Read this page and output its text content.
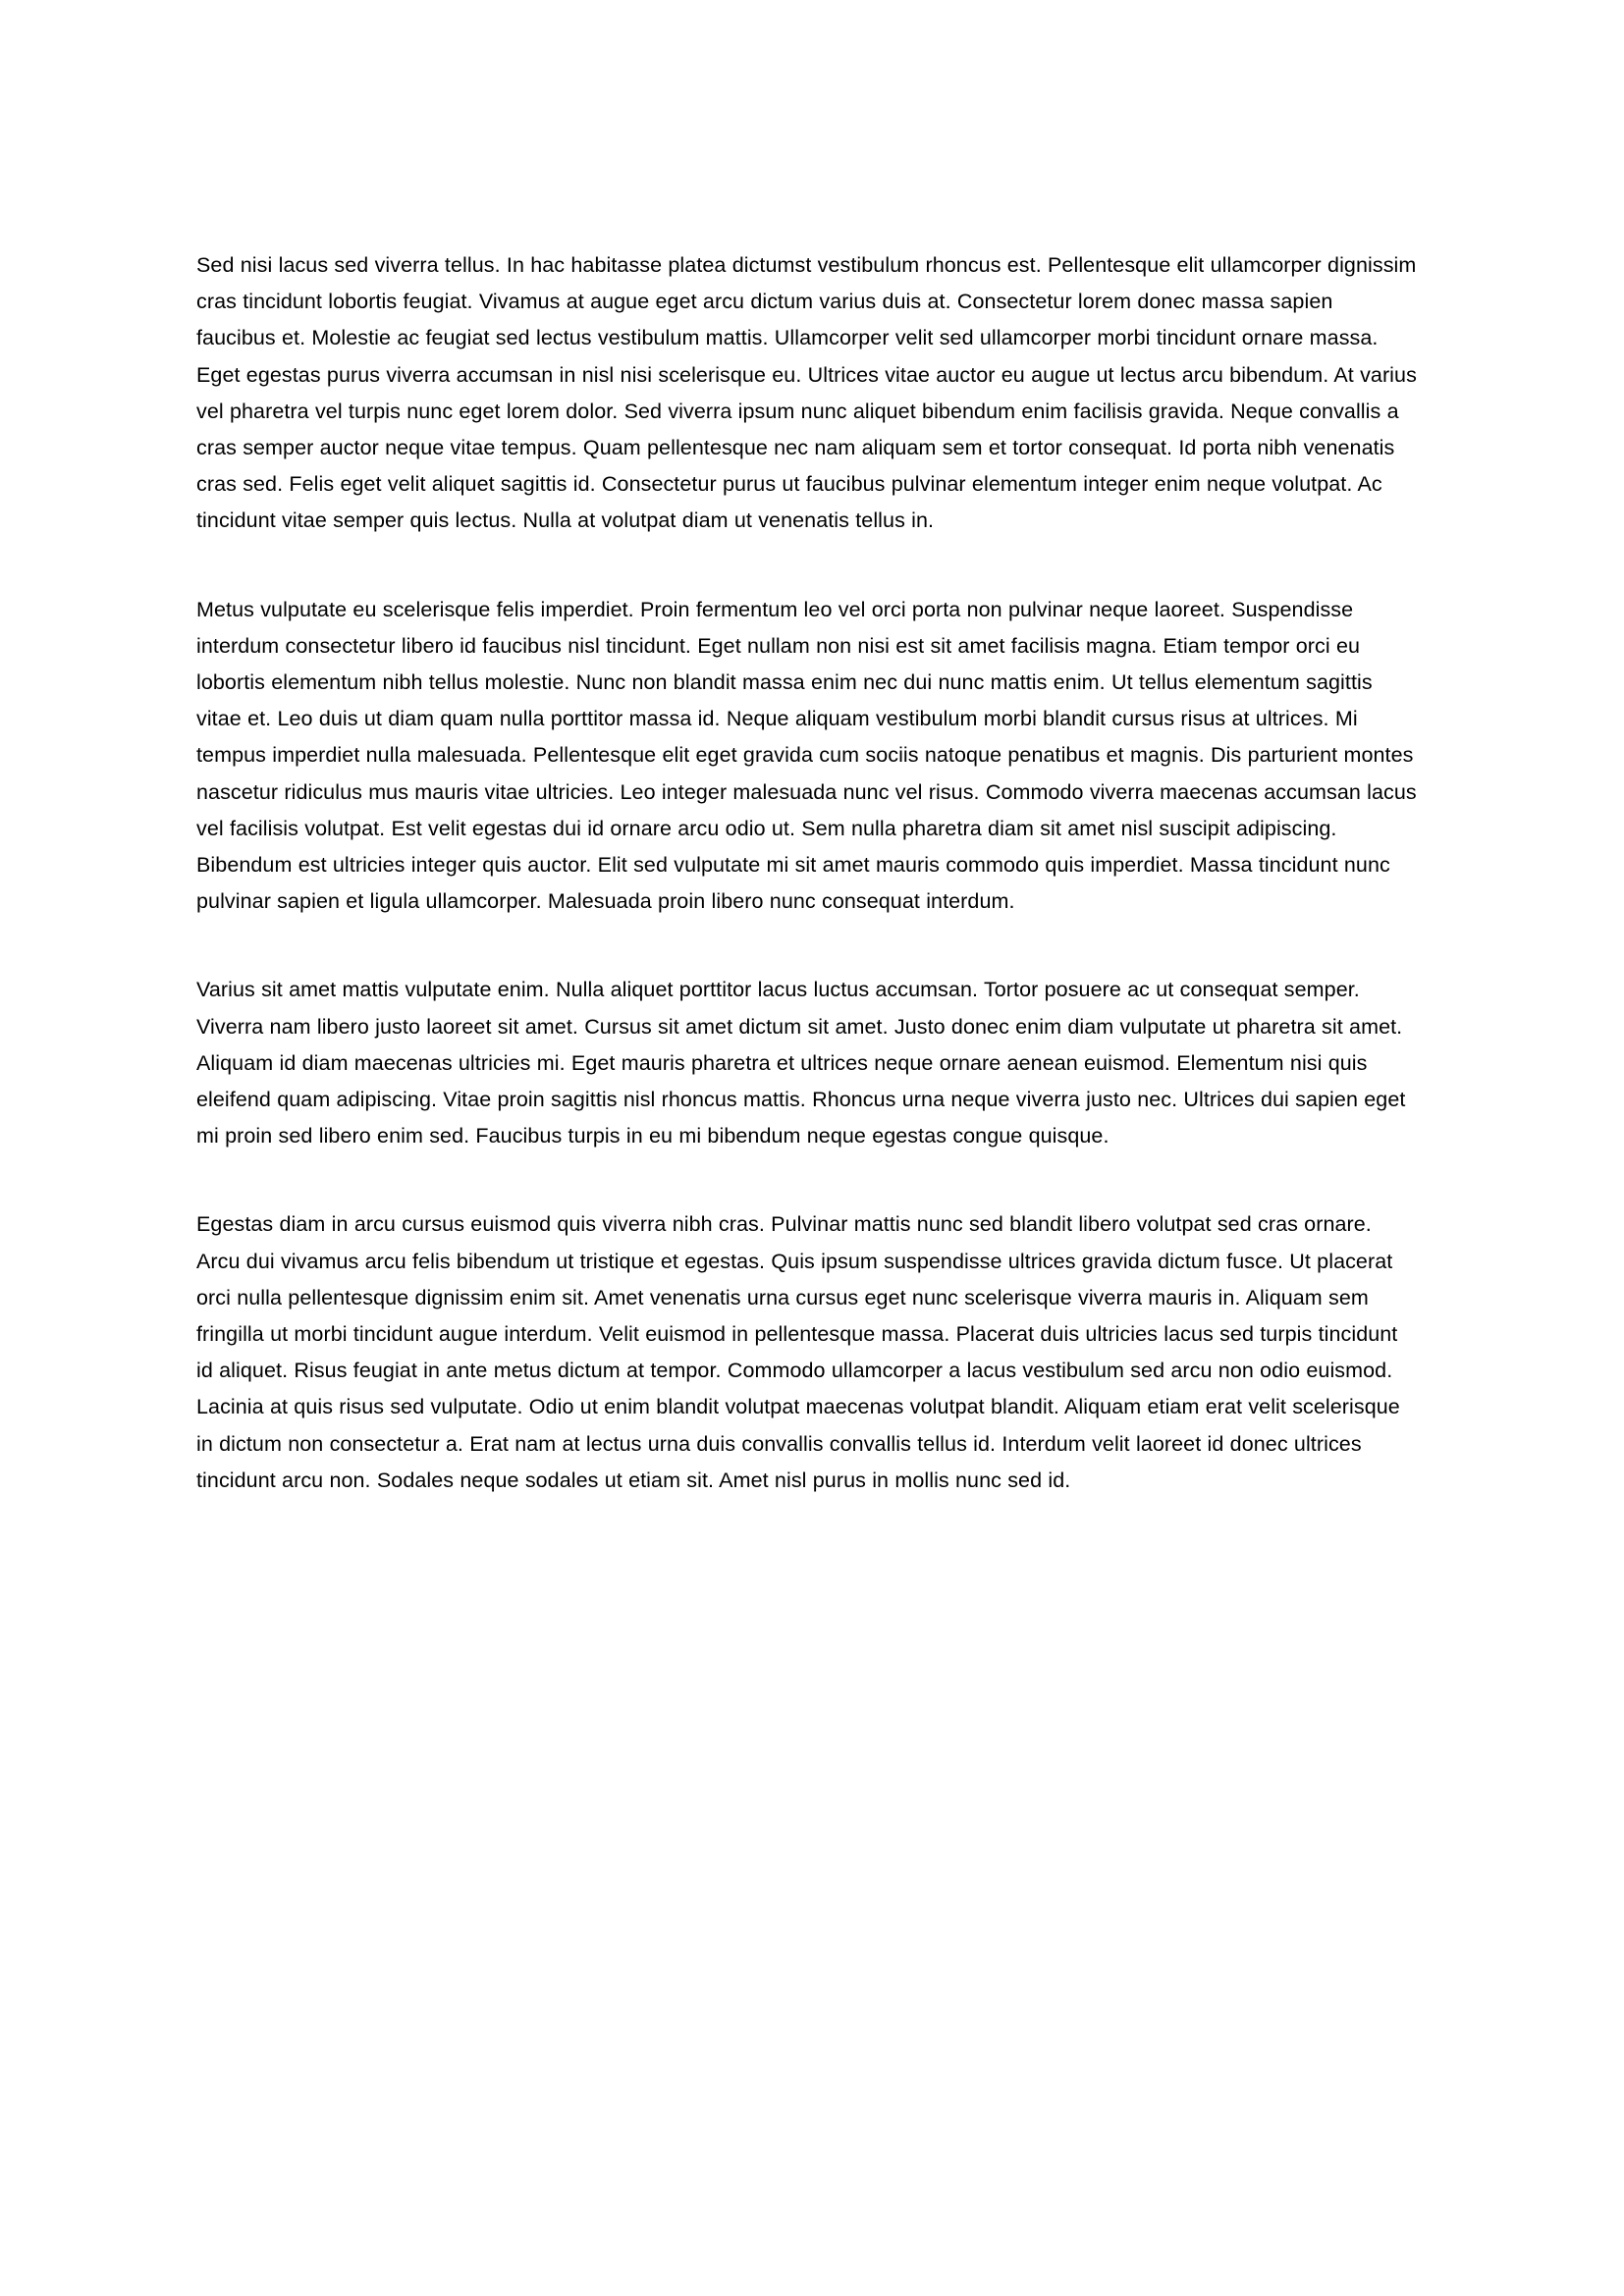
Sed nisi lacus sed viverra tellus. In hac habitasse platea dictumst vestibulum rhoncus est. Pellentesque elit ullamcorper dignissim cras tincidunt lobortis feugiat. Vivamus at augue eget arcu dictum varius duis at. Consectetur lorem donec massa sapien faucibus et. Molestie ac feugiat sed lectus vestibulum mattis. Ullamcorper velit sed ullamcorper morbi tincidunt ornare massa. Eget egestas purus viverra accumsan in nisl nisi scelerisque eu. Ultrices vitae auctor eu augue ut lectus arcu bibendum. At varius vel pharetra vel turpis nunc eget lorem dolor. Sed viverra ipsum nunc aliquet bibendum enim facilisis gravida. Neque convallis a cras semper auctor neque vitae tempus. Quam pellentesque nec nam aliquam sem et tortor consequat. Id porta nibh venenatis cras sed. Felis eget velit aliquet sagittis id. Consectetur purus ut faucibus pulvinar elementum integer enim neque volutpat. Ac tincidunt vitae semper quis lectus. Nulla at volutpat diam ut venenatis tellus in.

Metus vulputate eu scelerisque felis imperdiet. Proin fermentum leo vel orci porta non pulvinar neque laoreet. Suspendisse interdum consectetur libero id faucibus nisl tincidunt. Eget nullam non nisi est sit amet facilisis magna. Etiam tempor orci eu lobortis elementum nibh tellus molestie. Nunc non blandit massa enim nec dui nunc mattis enim. Ut tellus elementum sagittis vitae et. Leo duis ut diam quam nulla porttitor massa id. Neque aliquam vestibulum morbi blandit cursus risus at ultrices. Mi tempus imperdiet nulla malesuada. Pellentesque elit eget gravida cum sociis natoque penatibus et magnis. Dis parturient montes nascetur ridiculus mus mauris vitae ultricies. Leo integer malesuada nunc vel risus. Commodo viverra maecenas accumsan lacus vel facilisis volutpat. Est velit egestas dui id ornare arcu odio ut. Sem nulla pharetra diam sit amet nisl suscipit adipiscing. Bibendum est ultricies integer quis auctor. Elit sed vulputate mi sit amet mauris commodo quis imperdiet. Massa tincidunt nunc pulvinar sapien et ligula ullamcorper. Malesuada proin libero nunc consequat interdum.

Varius sit amet mattis vulputate enim. Nulla aliquet porttitor lacus luctus accumsan. Tortor posuere ac ut consequat semper. Viverra nam libero justo laoreet sit amet. Cursus sit amet dictum sit amet. Justo donec enim diam vulputate ut pharetra sit amet. Aliquam id diam maecenas ultricies mi. Eget mauris pharetra et ultrices neque ornare aenean euismod. Elementum nisi quis eleifend quam adipiscing. Vitae proin sagittis nisl rhoncus mattis. Rhoncus urna neque viverra justo nec. Ultrices dui sapien eget mi proin sed libero enim sed. Faucibus turpis in eu mi bibendum neque egestas congue quisque.

Egestas diam in arcu cursus euismod quis viverra nibh cras. Pulvinar mattis nunc sed blandit libero volutpat sed cras ornare. Arcu dui vivamus arcu felis bibendum ut tristique et egestas. Quis ipsum suspendisse ultrices gravida dictum fusce. Ut placerat orci nulla pellentesque dignissim enim sit. Amet venenatis urna cursus eget nunc scelerisque viverra mauris in. Aliquam sem fringilla ut morbi tincidunt augue interdum. Velit euismod in pellentesque massa. Placerat duis ultricies lacus sed turpis tincidunt id aliquet. Risus feugiat in ante metus dictum at tempor. Commodo ullamcorper a lacus vestibulum sed arcu non odio euismod. Lacinia at quis risus sed vulputate. Odio ut enim blandit volutpat maecenas volutpat blandit. Aliquam etiam erat velit scelerisque in dictum non consectetur a. Erat nam at lectus urna duis convallis convallis tellus id. Interdum velit laoreet id donec ultrices tincidunt arcu non. Sodales neque sodales ut etiam sit. Amet nisl purus in mollis nunc sed id.
